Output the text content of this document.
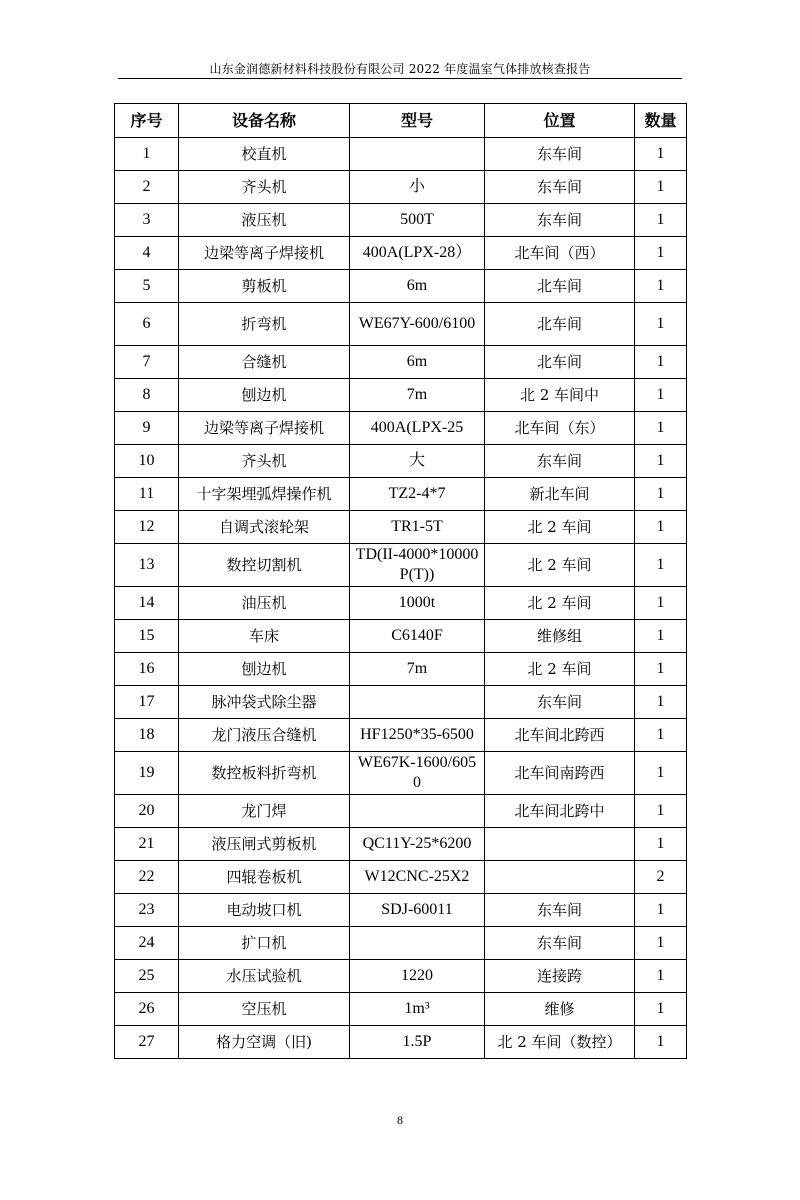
山东金润德新材料科技股份有限公司 2022 年度温室气体排放核查报告
序号	设备名称	型号	位置	数量
1	校直机		东车间	1
2	齐头机	小	东车间	1
3	液压机	500T	东车间	1
4	边梁等离子焊接机	400A(LPX-28）	北车间（西）	1
5	剪板机	6m	北车间	1
6	折弯机	WE67Y-600/6100	北车间	1
7	合缝机	6m	北车间	1
8	刨边机	7m	北 2 车间中	1
9	边梁等离子焊接机	400A(LPX-25	北车间（东）	1
10	齐头机	大	东车间	1
11	十字架埋弧焊操作机	TZ2-4*7	新北车间	1
12	自调式滚轮架	TR1-5T	北 2 车间	1
13	数控切割机	TD(II-4000*10000P(T))	北 2 车间	1
14	油压机	1000t	北 2 车间	1
15	车床	C6140F	维修组	1
16	刨边机	7m	北 2 车间	1
17	脉冲袋式除尘器		东车间	1
18	龙门液压合缝机	HF1250*35-6500	北车间北跨西	1
19	数控板料折弯机	WE67K-1600/6050	北车间南跨西	1
20	龙门焊		北车间北跨中	1
21	液压闸式剪板机	QC11Y-25*6200		1
22	四辊卷板机	W12CNC-25X2		2
23	电动坡口机	SDJ-60011	东车间	1
24	扩口机		东车间	1
25	水压试验机	1220	连接跨	1
26	空压机	1m³	维修	1
27	格力空调（旧)	1.5P	北 2 车间（数控）	1
8
